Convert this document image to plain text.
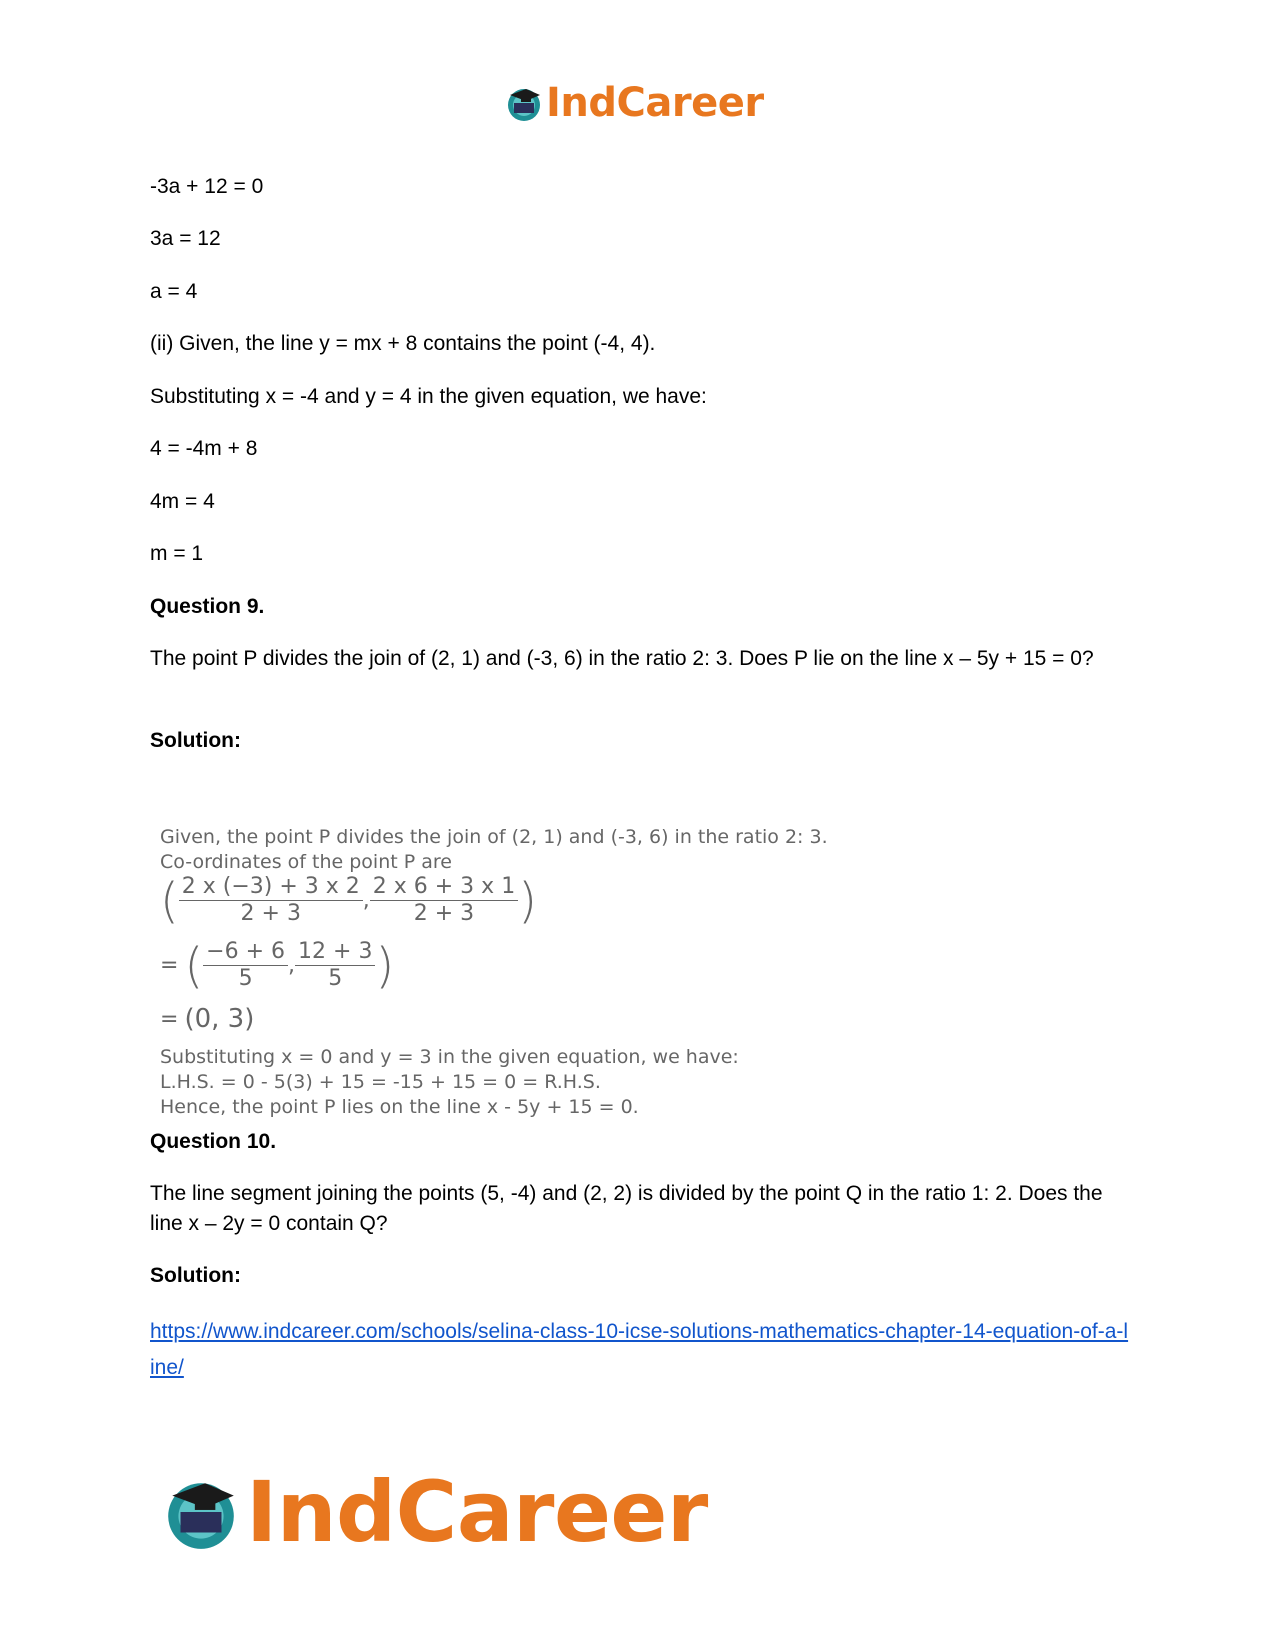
IndCareer
-3a + 12 = 0
3a = 12
a = 4
(ii) Given, the line y = mx + 8 contains the point (-4, 4).
Substituting x = -4 and y = 4 in the given equation, we have:
4 = -4m + 8
4m = 4
m = 1
Question 9.
The point P divides the join of (2, 1) and (-3, 6) in the ratio 2: 3. Does P lie on the line x – 5y + 15 = 0?
Solution:
Question 10.
The line segment joining the points (5, -4) and (2, 2) is divided by the point Q in the ratio 1: 2. Does the line x – 2y = 0 contain Q?
Solution:
https://www.indcareer.com/schools/selina-class-10-icse-solutions-mathematics-chapter-14-equation-of-a-line/
Given, the point P divides the join of (2, 1) and (-3, 6) in the ratio 2: 3.
Co-ordinates of the point P are
( $\frac{2 x (-3) + 3 x 2}{2 + 3}$ , $\frac{2 x 6 + 3 x 1}{2 + 3}$ )
= ( $\frac{-6 + 6}{5}$ , $\frac{12 + 3}{5}$ )
= (0, 3)
Substituting x = 0 and y = 3 in the given equation, we have:
L.H.S. = 0 - 5(3) + 15 = -15 + 15 = 0 = R.H.S.
Hence, the point P lies on the line x - 5y + 15 = 0.
IndCareer
